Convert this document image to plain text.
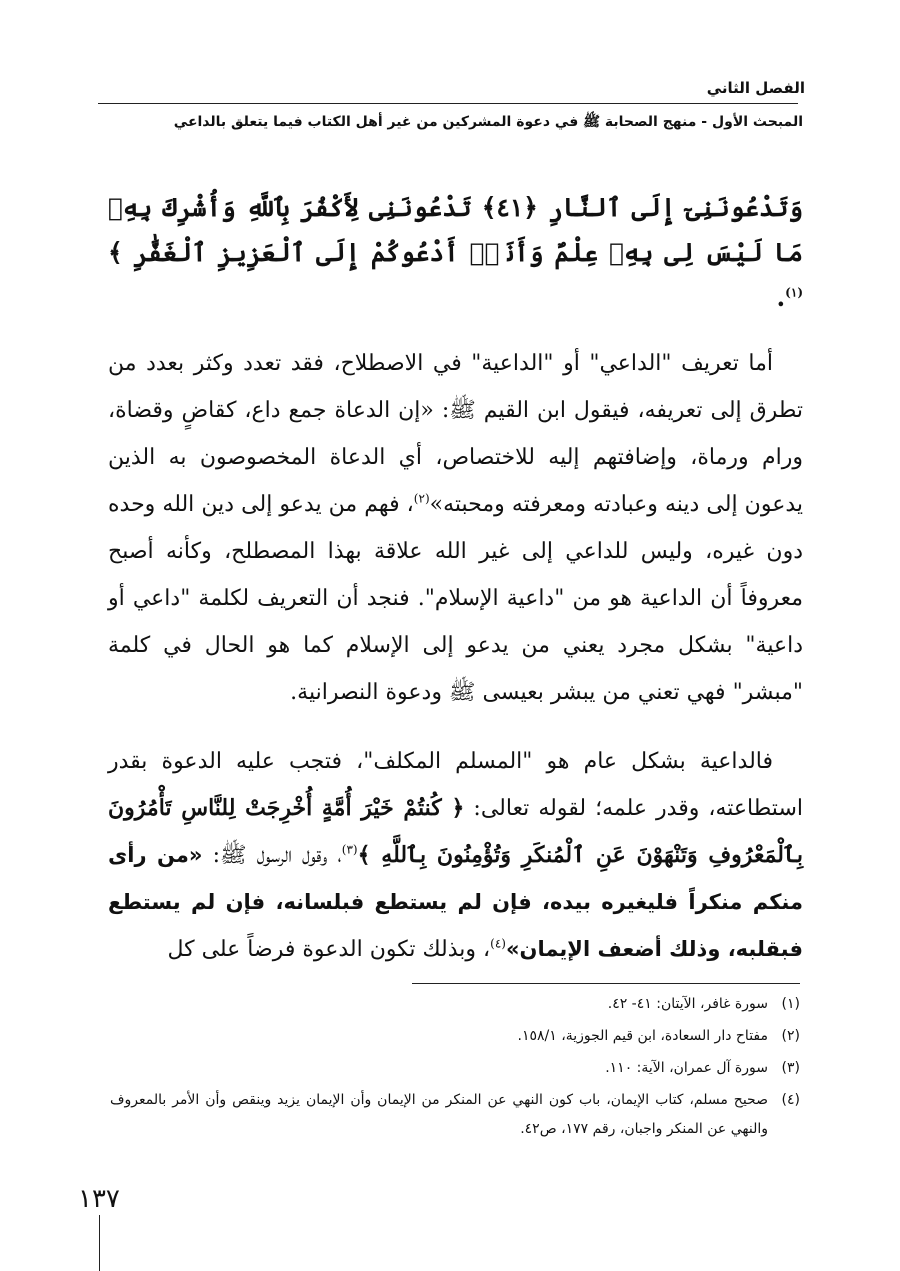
الفصل الثاني
المبحث الأول - منهج الصحابة ﷺ في دعوة المشركين من غير أهل الكتاب فيما يتعلق بالداعي

وَتَدْعُونَنِىٓ إِلَى ٱلنَّارِ ﴿٤١﴾ تَدْعُونَنِى لِأَكْفُرَ بِٱللَّهِ وَأُشْرِكَ بِهِۦ مَا لَيْسَ لِى بِهِۦ عِلْمٌ وَأَنَا۠ أَدْعُوكُمْ إِلَى ٱلْعَزِيزِ ٱلْغَفَّٰرِ ﴾$^{(١)}$.

أما تعريف "الداعي" أو "الداعية" في الاصطلاح، فقد تعدد وكثر بعدد من تطرق إلى تعريفه، فيقول ابن القيم ﷺ: «إن الدعاة جمع داع، كقاضٍ وقضاة، ورام ورماة، وإضافتهم إليه للاختصاص، أي الدعاة المخصوصون به الذين يدعون إلى دينه وعبادته ومعرفته ومحبته»$^{(٢)}$، فهم من يدعو إلى دين الله وحده دون غيره، وليس للداعي إلى غير الله علاقة بهذا المصطلح، وكأنه أصبح معروفاً أن الداعية هو من "داعية الإسلام". فنجد أن التعريف لكلمة "داعي أو داعية" بشكل مجرد يعني من يدعو إلى الإسلام كما هو الحال في كلمة "مبشر" فهي تعني من يبشر بعيسى ﷺ ودعوة النصرانية.

فالداعية بشكل عام هو "المسلم المكلف"، فتجب عليه الدعوة بقدر استطاعته، وقدر علمه؛ لقوله تعالى: ﴿ كُنتُمْ خَيْرَ أُمَّةٍ أُخْرِجَتْ لِلنَّاسِ تَأْمُرُونَ بِٱلْمَعْرُوفِ وَتَنْهَوْنَ عَنِ ٱلْمُنكَرِ وَتُؤْمِنُونَ بِٱللَّهِ ﴾$^{(٣)}$، وقول الرسول ﷺ: «من رأى منكم منكراً فليغيره بيده، فإن لم يستطع فبلسانه، فإن لم يستطع فبقلبه، وذلك أضعف الإيمان»$^{(٤)}$، وبذلك تكون الدعوة فرضاً على كل

(١)
سورة غافر، الآيتان: ٤١- ٤٢.
(٢)
مفتاح دار السعادة، ابن قيم الجوزية، ١٥٨/١.
(٣)
سورة آل عمران، الآية: ١١٠.
(٤)
صحيح مسلم، كتاب الإيمان، باب كون النهي عن المنكر من الإيمان وأن الإيمان يزيد وينقص وأن الأمر بالمعروف والنهي عن المنكر واجبان، رقم ١٧٧، ص٤٢.
١٣٧
